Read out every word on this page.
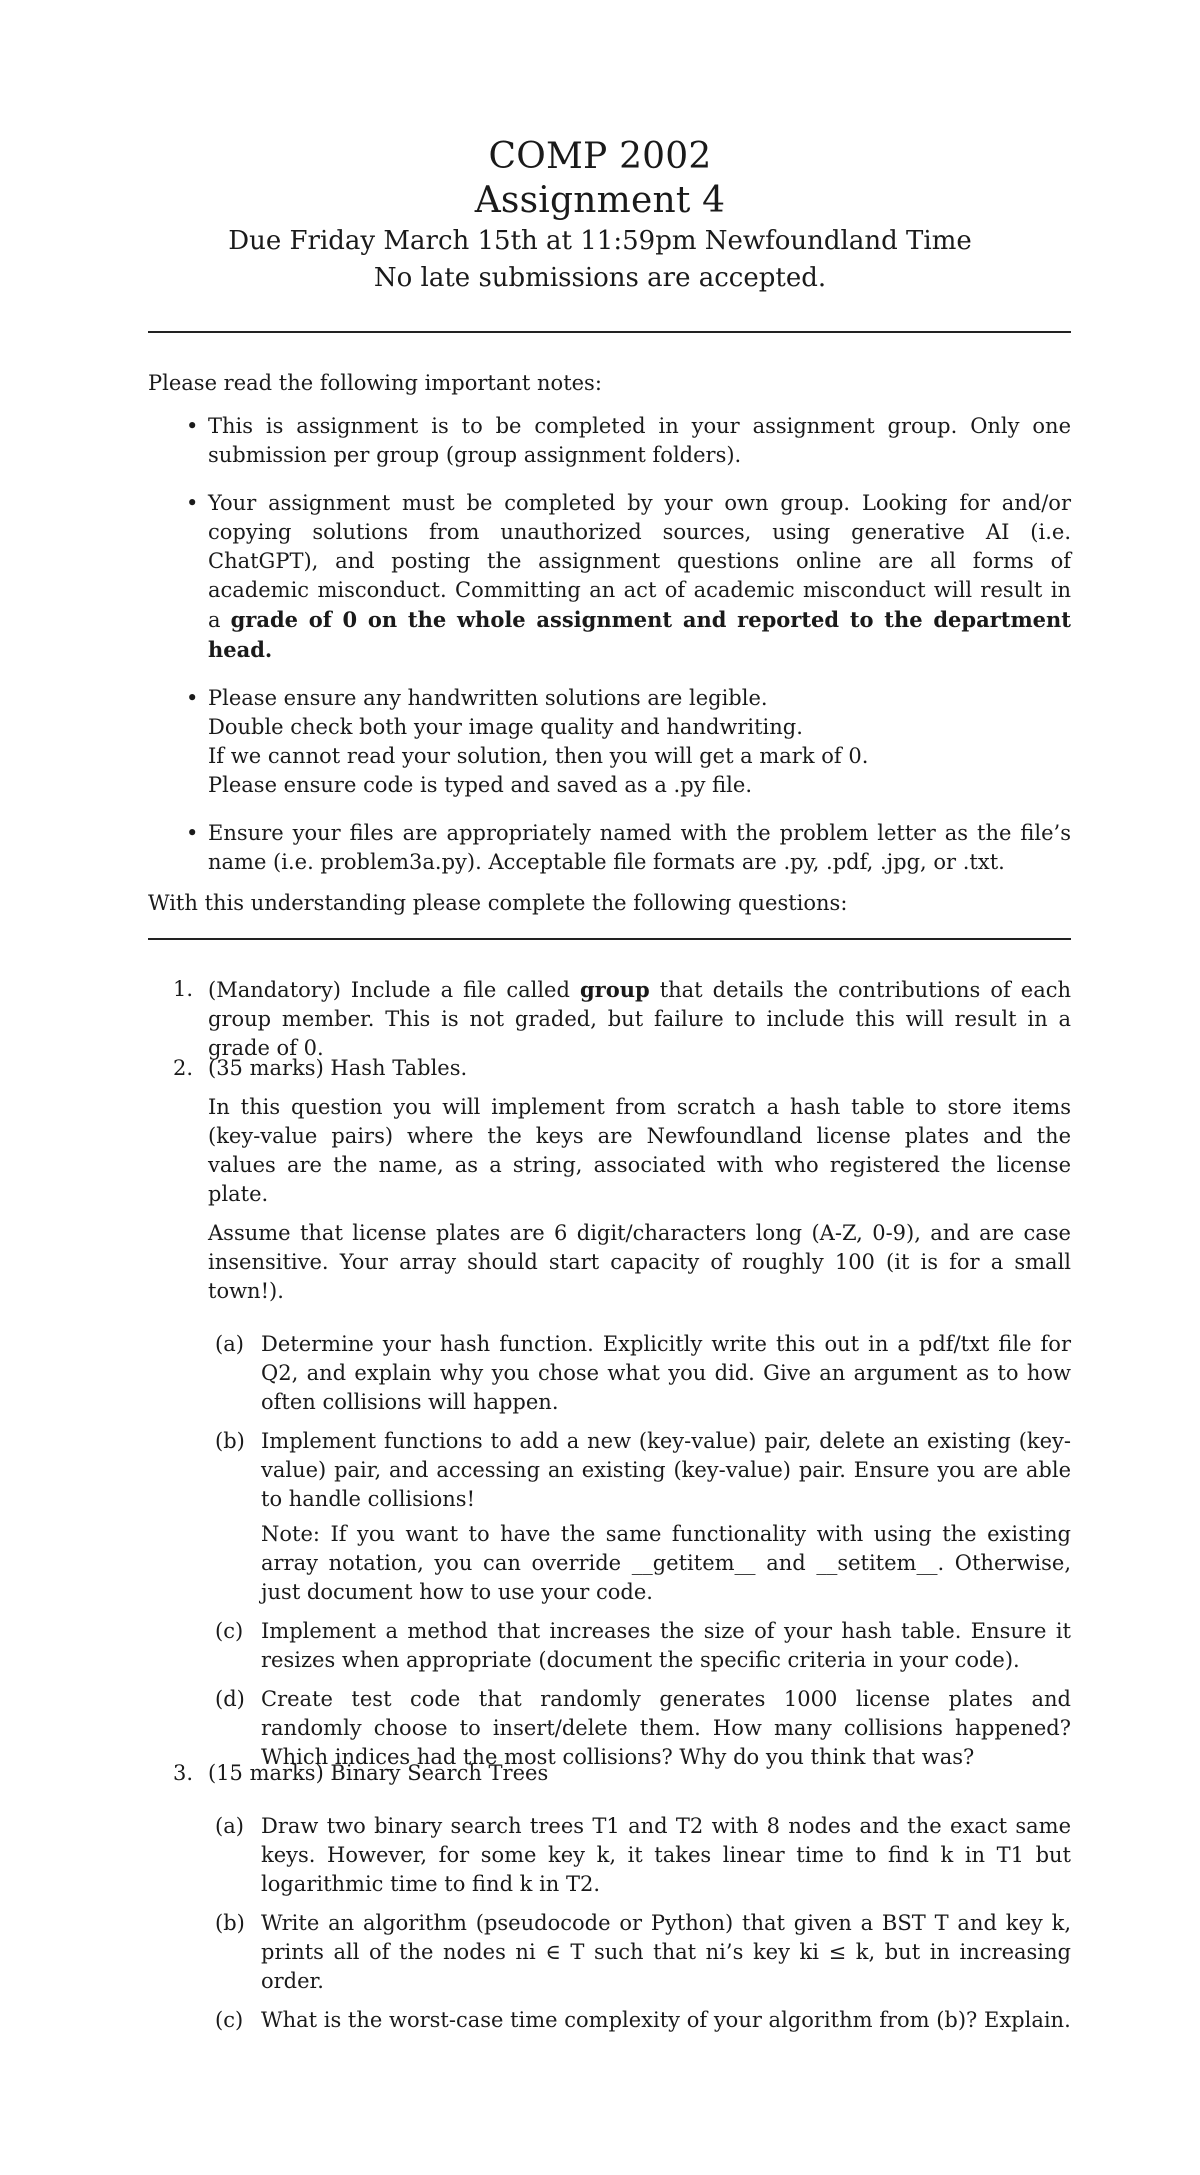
COMP 2002
Assignment 4
Due Friday March 15th at 11:59pm Newfoundland Time
No late submissions are accepted.
Please read the following important notes:
• This is assignment is to be completed in your assignment group. Only one submission per group (group assignment folders).
• Your assignment must be completed by your own group. Looking for and/or copying solutions from unauthorized sources, using generative AI (i.e. ChatGPT), and posting the assignment questions online are all forms of academic misconduct. Committing an act of academic misconduct will result in a grade of 0 on the whole assignment and reported to the department head.
• Please ensure any handwritten solutions are legible.
Double check both your image quality and handwriting.
If we cannot read your solution, then you will get a mark of 0.
Please ensure code is typed and saved as a .py file.
• Ensure your files are appropriately named with the problem letter as the file’s name (i.e. problem3a.py). Acceptable file formats are .py, .pdf, .jpg, or .txt.
With this understanding please complete the following questions:
1. (Mandatory) Include a file called group that details the contributions of each group member. This is not graded, but failure to include this will result in a grade of 0.
2. (35 marks) Hash Tables.

In this question you will implement from scratch a hash table to store items (key-value pairs) where the keys are Newfoundland license plates and the values are the name, as a string, associated with who registered the license plate.

Assume that license plates are 6 digit/characters long (A-Z, 0-9), and are case insensitive. Your array should start capacity of roughly 100 (it is for a small town!).

(a) Determine your hash function. Explicitly write this out in a pdf/txt file for Q2, and explain why you chose what you did. Give an argument as to how often collisions will happen.

(b) Implement functions to add a new (key-value) pair, delete an existing (key-value) pair, and accessing an existing (key-value) pair. Ensure you are able to handle collisions!

Note: If you want to have the same functionality with using the existing array notation, you can override __getitem__ and __setitem__. Otherwise, just document how to use your code.

(c) Implement a method that increases the size of your hash table. Ensure it resizes when appropriate (document the specific criteria in your code).

(d) Create test code that randomly generates 1000 license plates and randomly choose to insert/delete them. How many collisions happened? Which indices had the most collisions? Why do you think that was?

3. (15 marks) Binary Search Trees

(a) Draw two binary search trees T1 and T2 with 8 nodes and the exact same keys. However, for some key k, it takes linear time to find k in T1 but logarithmic time to find k in T2.

(b) Write an algorithm (pseudocode or Python) that given a BST T and key k, prints all of the nodes ni ∈ T such that ni’s key ki ≤ k, but in increasing order.

(c) What is the worst-case time complexity of your algorithm from (b)? Explain.
